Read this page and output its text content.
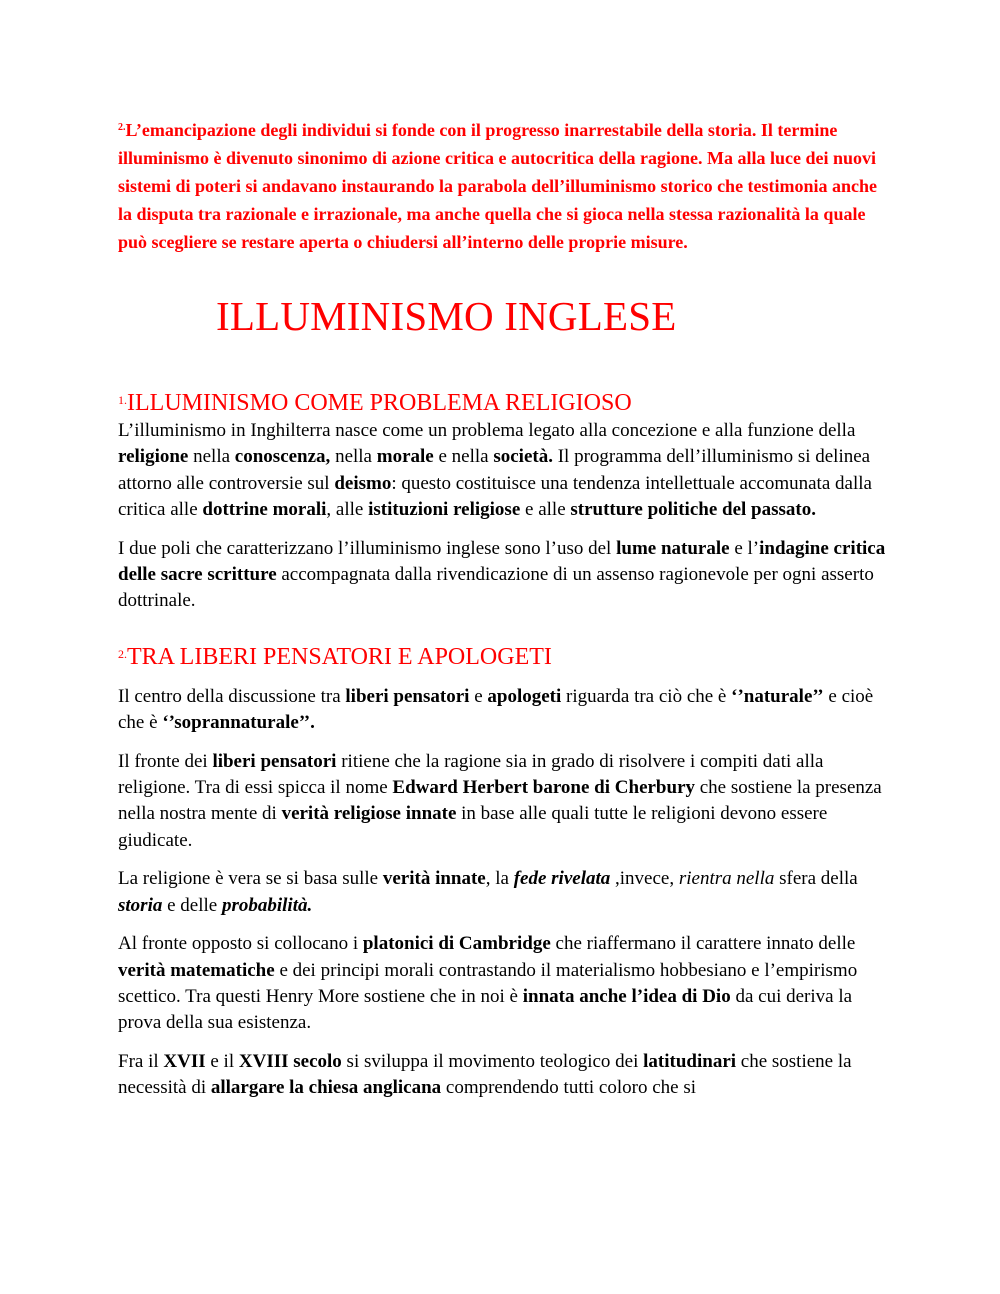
$^{2.}$L’emancipazione degli individui si fonde con il progresso inarrestabile della storia. Il termine illuminismo è divenuto sinonimo di azione critica e autocritica della ragione. Ma alla luce dei nuovi sistemi di poteri si andavano instaurando la parabola dell’illuminismo storico che testimonia anche la disputa tra razionale e irrazionale, ma anche quella che si gioca nella stessa razionalità la quale può scegliere se restare aperta o chiudersi all’interno delle proprie misure.

ILLUMINISMO INGLESE
$^{1.}$ILLUMINISMO COME PROBLEMA RELIGIOSO

L’illuminismo in Inghilterra nasce come un problema legato alla concezione e alla funzione della religione nella conoscenza, nella morale e nella società. Il programma dell’illuminismo si delinea attorno alle controversie sul deismo: questo costituisce una tendenza intellettuale accomunata dalla critica alle dottrine morali, alle istituzioni religiose e alle strutture politiche del passato.

I due poli che caratterizzano l’illuminismo inglese sono l’uso del lume naturale e l’indagine critica delle sacre scritture accompagnata dalla rivendicazione di un assenso ragionevole per ogni asserto dottrinale.

$^{2.}$TRA LIBERI PENSATORI E APOLOGETI

Il centro della discussione tra liberi pensatori e apologeti riguarda tra ciò che è ‘’naturale’’ e cioè che è ‘’soprannaturale’’.

Il fronte dei liberi pensatori ritiene che la ragione sia in grado di risolvere i compiti dati alla religione. Tra di essi spicca il nome Edward Herbert barone di Cherbury che sostiene la presenza nella nostra mente di verità religiose innate in base alle quali tutte le religioni devono essere giudicate.

La religione è vera se si basa sulle verità innate, la fede rivelata ,invece, rientra nella sfera della storia e delle probabilità.

Al fronte opposto si collocano i platonici di Cambridge che riaffermano il carattere innato delle verità matematiche e dei principi morali contrastando il materialismo hobbesiano e l’empirismo scettico. Tra questi Henry More sostiene che in noi è innata anche l’idea di Dio da cui deriva la prova della sua esistenza.

Fra il XVII e il XVIII secolo si sviluppa il movimento teologico dei latitudinari che sostiene la necessità di allargare la chiesa anglicana comprendendo tutti coloro che si
